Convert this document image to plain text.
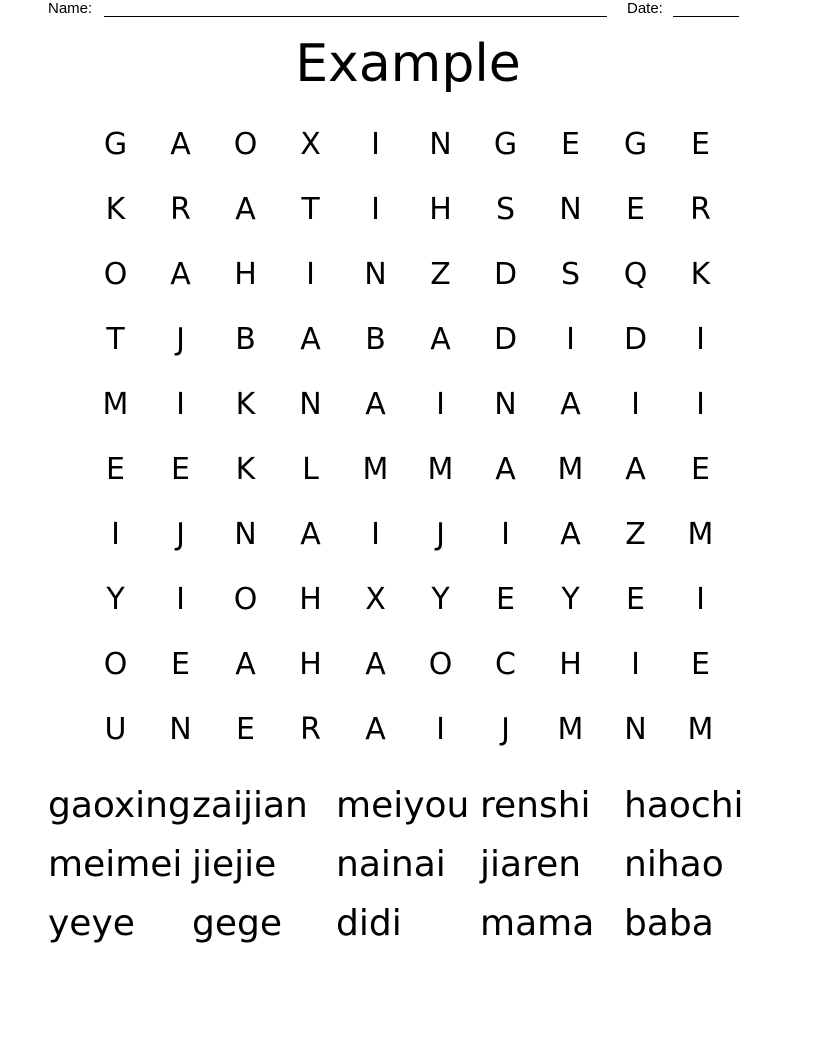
Name:	Date:
Example
G	A	O	X	I	N	G	E	G	E
K	R	A	T	I	H	S	N	E	R
O	A	H	I	N	Z	D	S	Q	K
T	J	B	A	B	A	D	I	D	I
M	I	K	N	A	I	N	A	I	I
E	E	K	L	M	M	A	M	A	E
I	J	N	A	I	J	I	A	Z	M
Y	I	O	H	X	Y	E	Y	E	I
O	E	A	H	A	O	C	H	I	E
U	N	E	R	A	I	J	M	N	M
gaoxing zaijian meiyou renshi haochi
meimei jiejie	nainai jiaren	nihao
yeye	gege	didi	mama baba
